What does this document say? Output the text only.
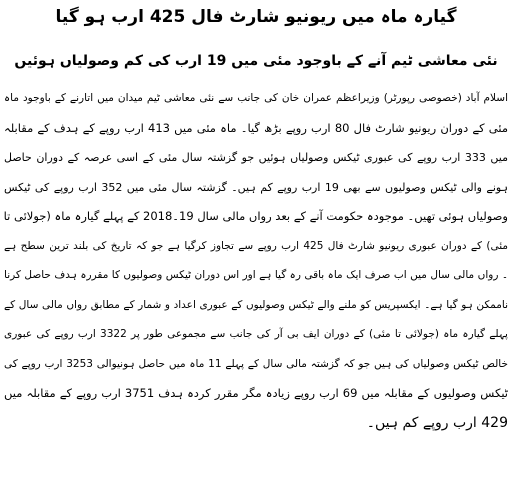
گیارہ ماہ میں ریونیو شارٹ فال 425 ارب ہو گیا
نئی معاشی ٹیم آنے کے باوجود مئی میں 19 ارب کی کم وصولیاں ہوئیں
اسلام آباد (خصوصی رپورٹر) وزیراعظم عمران خان کی جانب سے نئی معاشی ٹیم میدان میں اتارنے کے باوجود ماہ
مئی کے دوران ریونیو شارٹ فال 80 ارب روپے بڑھ گیا۔ ماہ مئی میں 413 ارب روپے کے ہدف کے مقابلہ
میں 333 ارب روپے کی عبوری ٹیکس وصولیاں ہوئیں جو گزشتہ سال مئی کے اسی عرصہ کے دوران حاصل
ہونے والی ٹیکس وصولیوں سے بھی 19 ارب روپے کم ہیں۔ گزشتہ سال مئی میں 352 ارب روپے کی ٹیکس
وصولیاں ہوئی تھیں۔ موجودہ حکومت آنے کے بعد رواں مالی سال 19۔2018 کے پہلے گیارہ ماہ (جولائی تا
مئی) کے دوران عبوری ریونیو شارٹ فال 425 ارب روپے سے تجاوز کرگیا ہے جو کہ تاریخ کی بلند ترین سطح ہے
۔ رواں مالی سال میں اب صرف ایک ماہ باقی رہ گیا ہے اور اس دوران ٹیکس وصولیوں کا مقررہ ہدف حاصل کرنا
ناممکن ہو گیا ہے۔ ایکسپریس کو ملنے والے ٹیکس وصولیوں کے عبوری اعداد و شمار کے مطابق رواں مالی سال کے
پہلے گیارہ ماہ (جولائی تا مئی) کے دوران ایف بی آر کی جانب سے مجموعی طور پر 3322 ارب روپے کی عبوری
خالص ٹیکس وصولیاں کی ہیں جو کہ گزشتہ مالی سال کے پہلے 11 ماہ میں حاصل ہونیوالی 3253 ارب روپے کی
ٹیکس وصولیوں کے مقابلہ میں 69 ارب روپے زیادہ مگر مقرر کردہ ہدف 3751 ارب روپے کے مقابلہ میں
429 ارب روپے کم ہیں۔
